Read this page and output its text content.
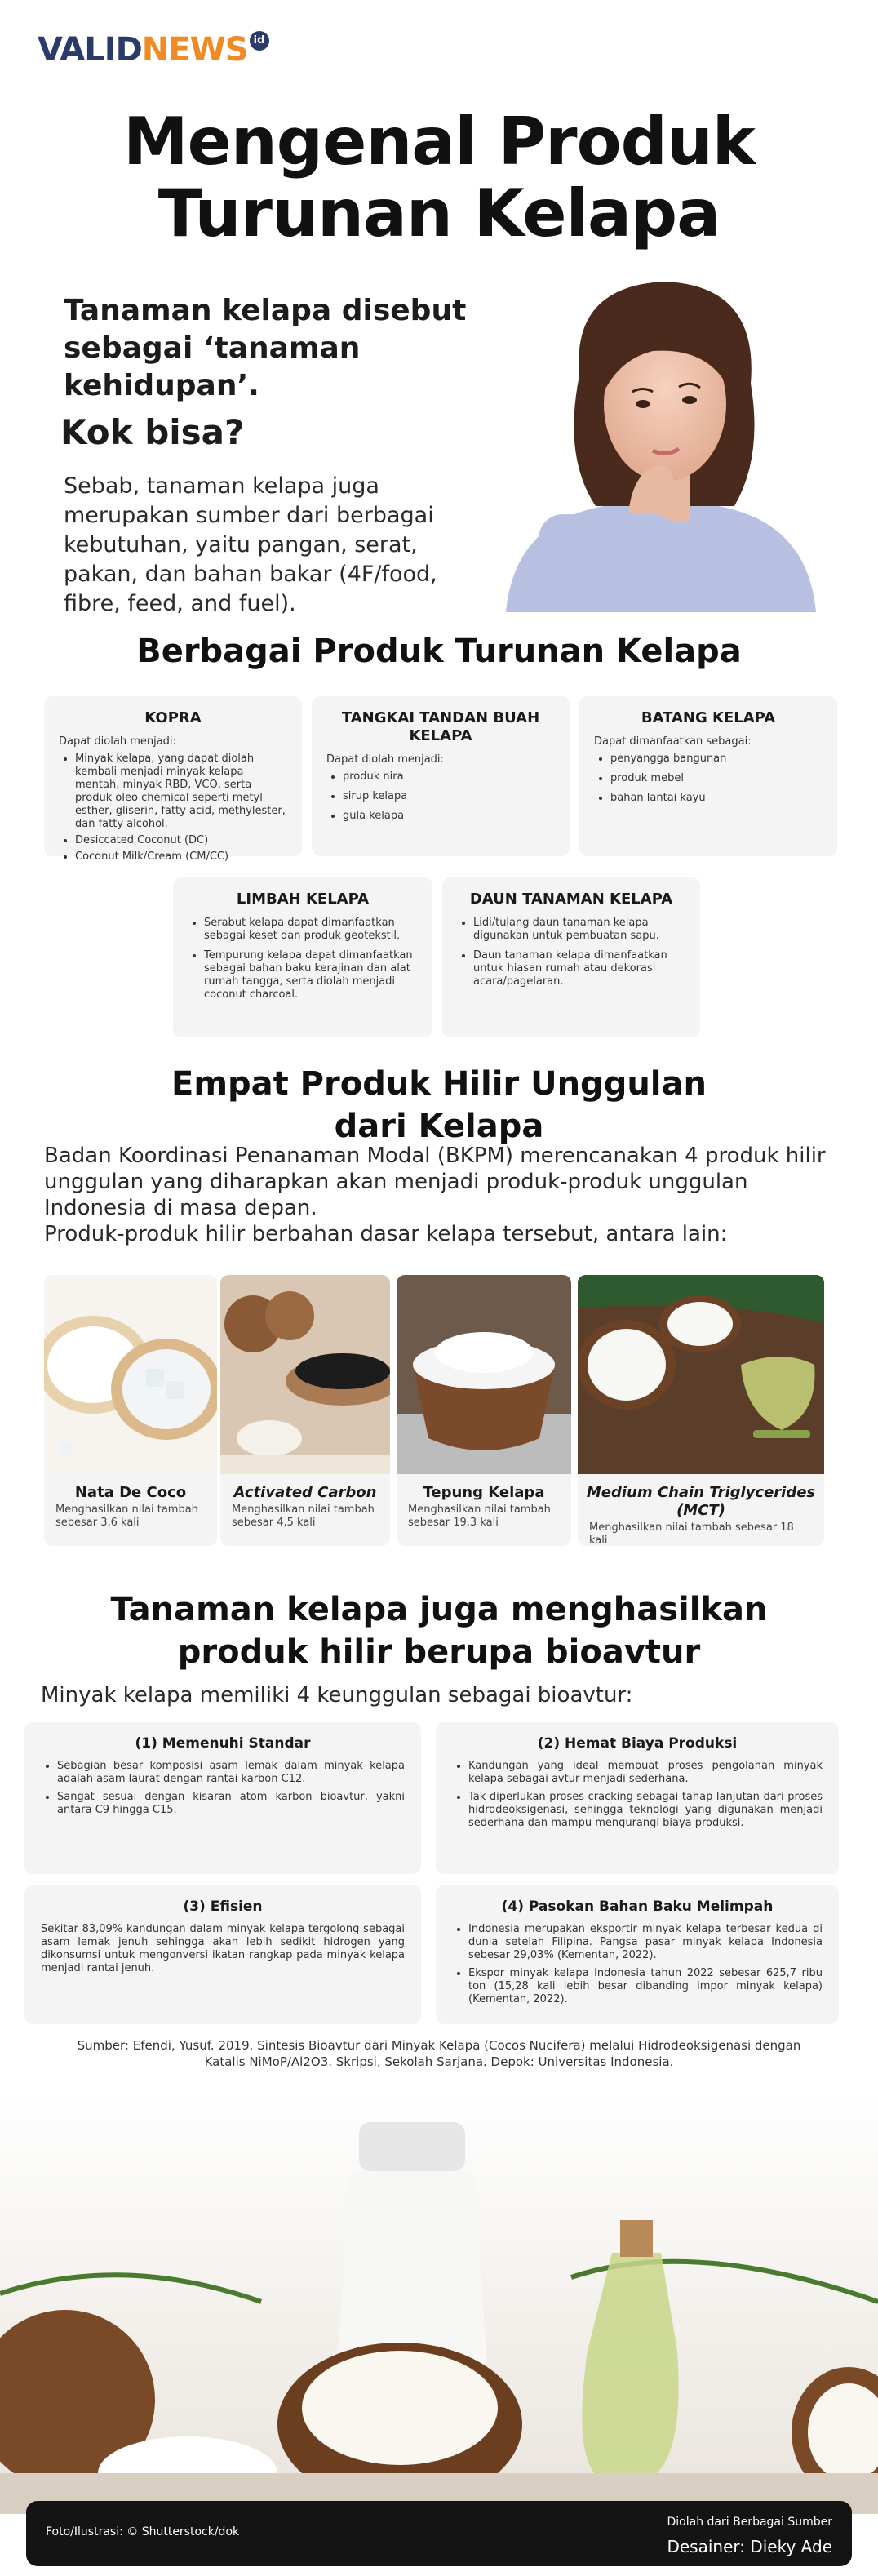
VALIDNEWS id
Mengenal Produk
Turunan Kelapa
Tanaman kelapa disebut sebagai ‘tanaman kehidupan’.
Kok bisa?
Sebab, tanaman kelapa juga merupakan sumber dari berbagai kebutuhan, yaitu pangan, serat, pakan, dan bahan bakar (4F/food, fibre, feed, and fuel).
Berbagai Produk Turunan Kelapa
KOPRA
Dapat diolah menjadi:
• Minyak kelapa, yang dapat diolah kembali menjadi minyak kelapa mentah, minyak RBD, VCO, serta produk oleo chemical seperti metyl esther, gliserin, fatty acid, methylester, dan fatty alcohol.
• Desiccated Coconut (DC)
• Coconut Milk/Cream (CM/CC)
TANGKAI TANDAN BUAH KELAPA
Dapat diolah menjadi:
• produk nira
• sirup kelapa
• gula kelapa
BATANG KELAPA
Dapat dimanfaatkan sebagai:
• penyangga bangunan
• produk mebel
• bahan lantai kayu
LIMBAH KELAPA
• Serabut kelapa dapat dimanfaatkan sebagai keset dan produk geotekstil.
• Tempurung kelapa dapat dimanfaatkan sebagai bahan baku kerajinan dan alat rumah tangga, serta diolah menjadi coconut charcoal.
DAUN TANAMAN KELAPA
• Lidi/tulang daun tanaman kelapa digunakan untuk pembuatan sapu.
• Daun tanaman kelapa dimanfaatkan untuk hiasan rumah atau dekorasi acara/pagelaran.
Empat Produk Hilir Unggulan
dari Kelapa
Badan Koordinasi Penanaman Modal (BKPM) merencanakan 4 produk hilir unggulan yang diharapkan akan menjadi produk-produk unggulan Indonesia di masa depan.
Produk-produk hilir berbahan dasar kelapa tersebut, antara lain:
Nata De Coco
Menghasilkan nilai tambah sebesar 3,6 kali
Activated Carbon
Menghasilkan nilai tambah sebesar 4,5 kali
Tepung Kelapa
Menghasilkan nilai tambah sebesar 19,3 kali
Medium Chain Triglycerides (MCT)
Menghasilkan nilai tambah sebesar 18 kali
Tanaman kelapa juga menghasilkan
produk hilir berupa bioavtur
Minyak kelapa memiliki 4 keunggulan sebagai bioavtur:
(1) Memenuhi Standar
• Sebagian besar komposisi asam lemak dalam minyak kelapa adalah asam laurat dengan rantai karbon C12.
• Sangat sesuai dengan kisaran atom karbon bioavtur, yakni antara C9 hingga C15.
(2) Hemat Biaya Produksi
• Kandungan yang ideal membuat proses pengolahan minyak kelapa sebagai avtur menjadi sederhana.
• Tak diperlukan proses cracking sebagai tahap lanjutan dari proses hidrodeoksigenasi, sehingga teknologi yang digunakan menjadi sederhana dan mampu mengurangi biaya produksi.
(3) Efisien

Sekitar 83,09% kandungan dalam minyak kelapa tergolong sebagai asam lemak jenuh sehingga akan lebih sedikit hidrogen yang dikonsumsi untuk mengonversi ikatan rangkap pada minyak kelapa menjadi rantai jenuh.

(4) Pasokan Bahan Baku Melimpah
• Indonesia merupakan eksportir minyak kelapa terbesar kedua di dunia setelah Filipina. Pangsa pasar minyak kelapa Indonesia sebesar 29,03% (Kementan, 2022).
• Ekspor minyak kelapa Indonesia tahun 2022 sebesar 625,7 ribu ton (15,28 kali lebih besar dibanding impor minyak kelapa) (Kementan, 2022).
Sumber: Efendi, Yusuf. 2019. Sintesis Bioavtur dari Minyak Kelapa (Cocos Nucifera) melalui Hidrodeoksigenasi dengan Katalis NiMoP/Al2O3. Skripsi, Sekolah Sarjana. Depok: Universitas Indonesia.
Foto/Ilustrasi: © Shutterstock/dok
Diolah dari Berbagai Sumber
Desainer: Dieky Ade
